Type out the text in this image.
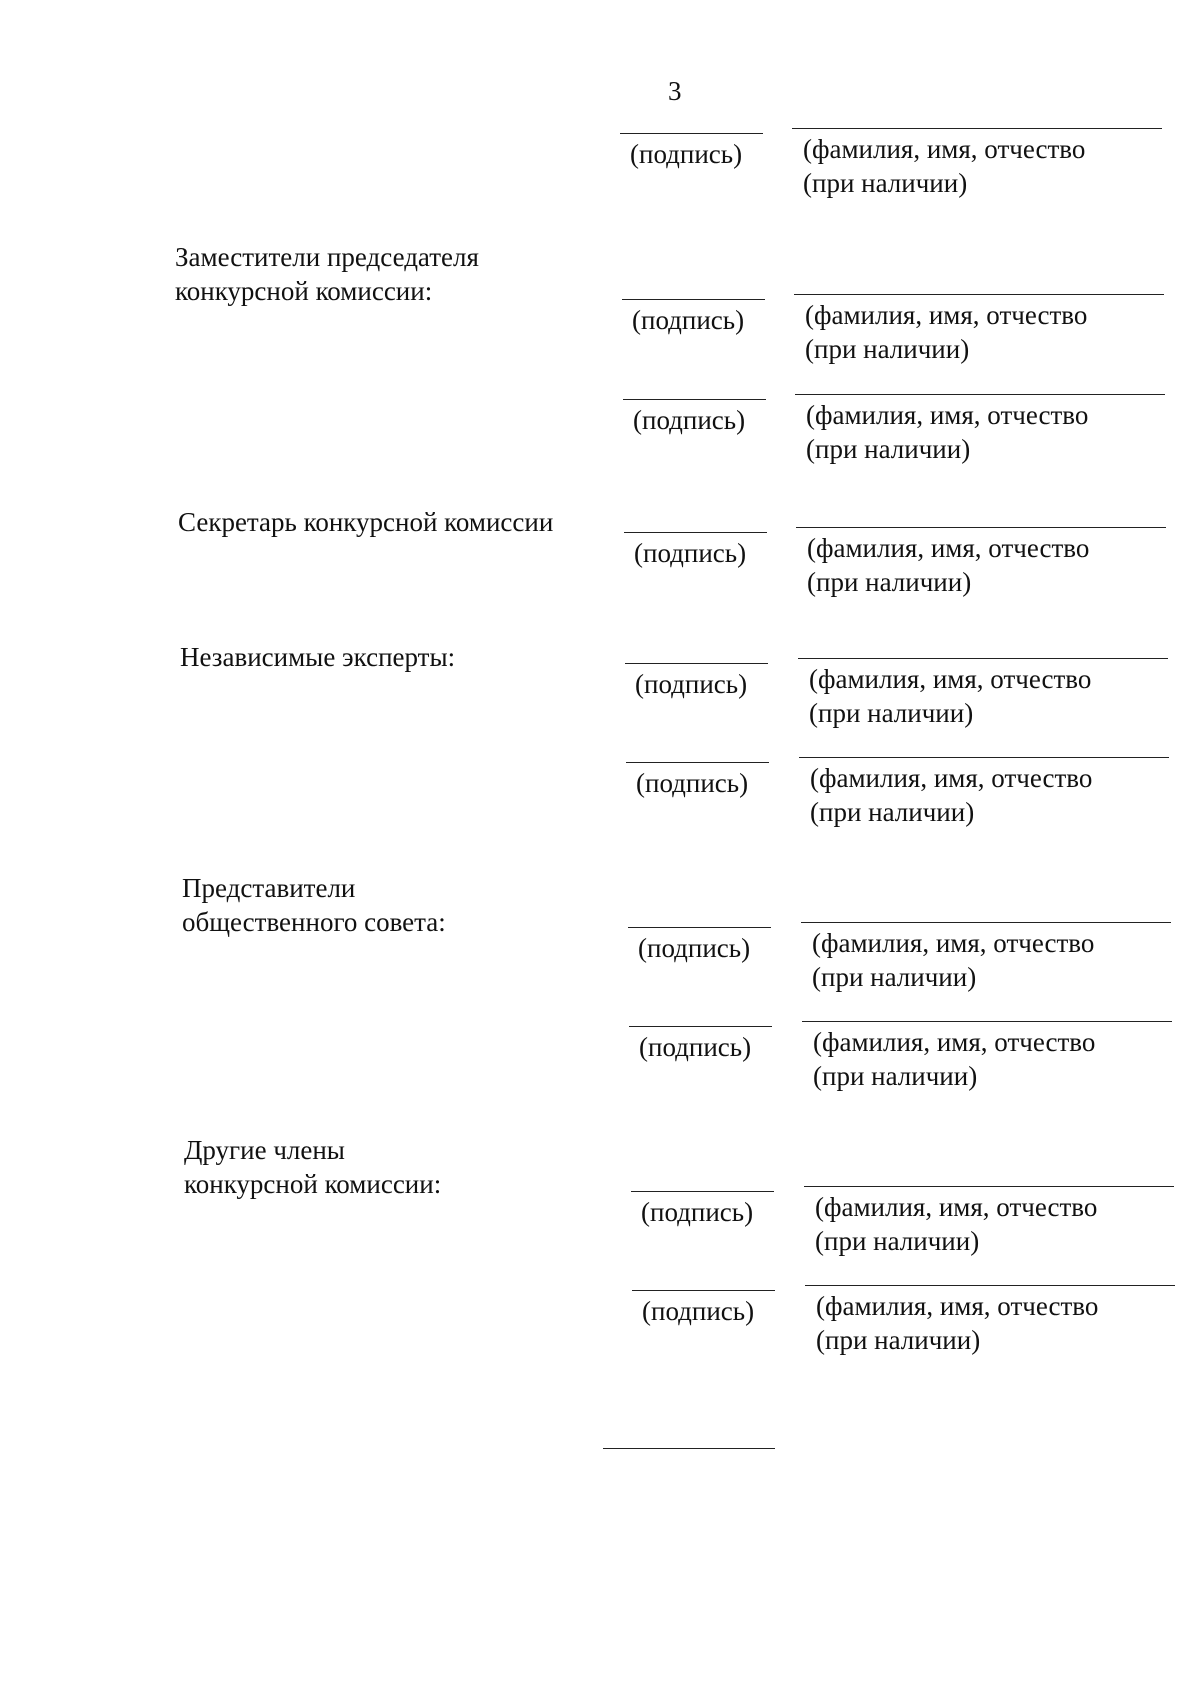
3
Заместители председателя
конкурсной комиссии:
Секретарь конкурсной комиссии
Независимые эксперты:
Представители
общественного совета:
Другие члены
конкурсной комиссии:
(подпись) (фамилия, имя, отчество
(при наличии)
(подпись) (фамилия, имя, отчество
(при наличии)
(подпись) (фамилия, имя, отчество
(при наличии)
(подпись) (фамилия, имя, отчество
(при наличии)
(подпись) (фамилия, имя, отчество
(при наличии)
(подпись) (фамилия, имя, отчество
(при наличии)
(подпись) (фамилия, имя, отчество
(при наличии)
(подпись) (фамилия, имя, отчество
(при наличии)
(подпись) (фамилия, имя, отчество
(при наличии)
(подпись) (фамилия, имя, отчество
(при наличии)
